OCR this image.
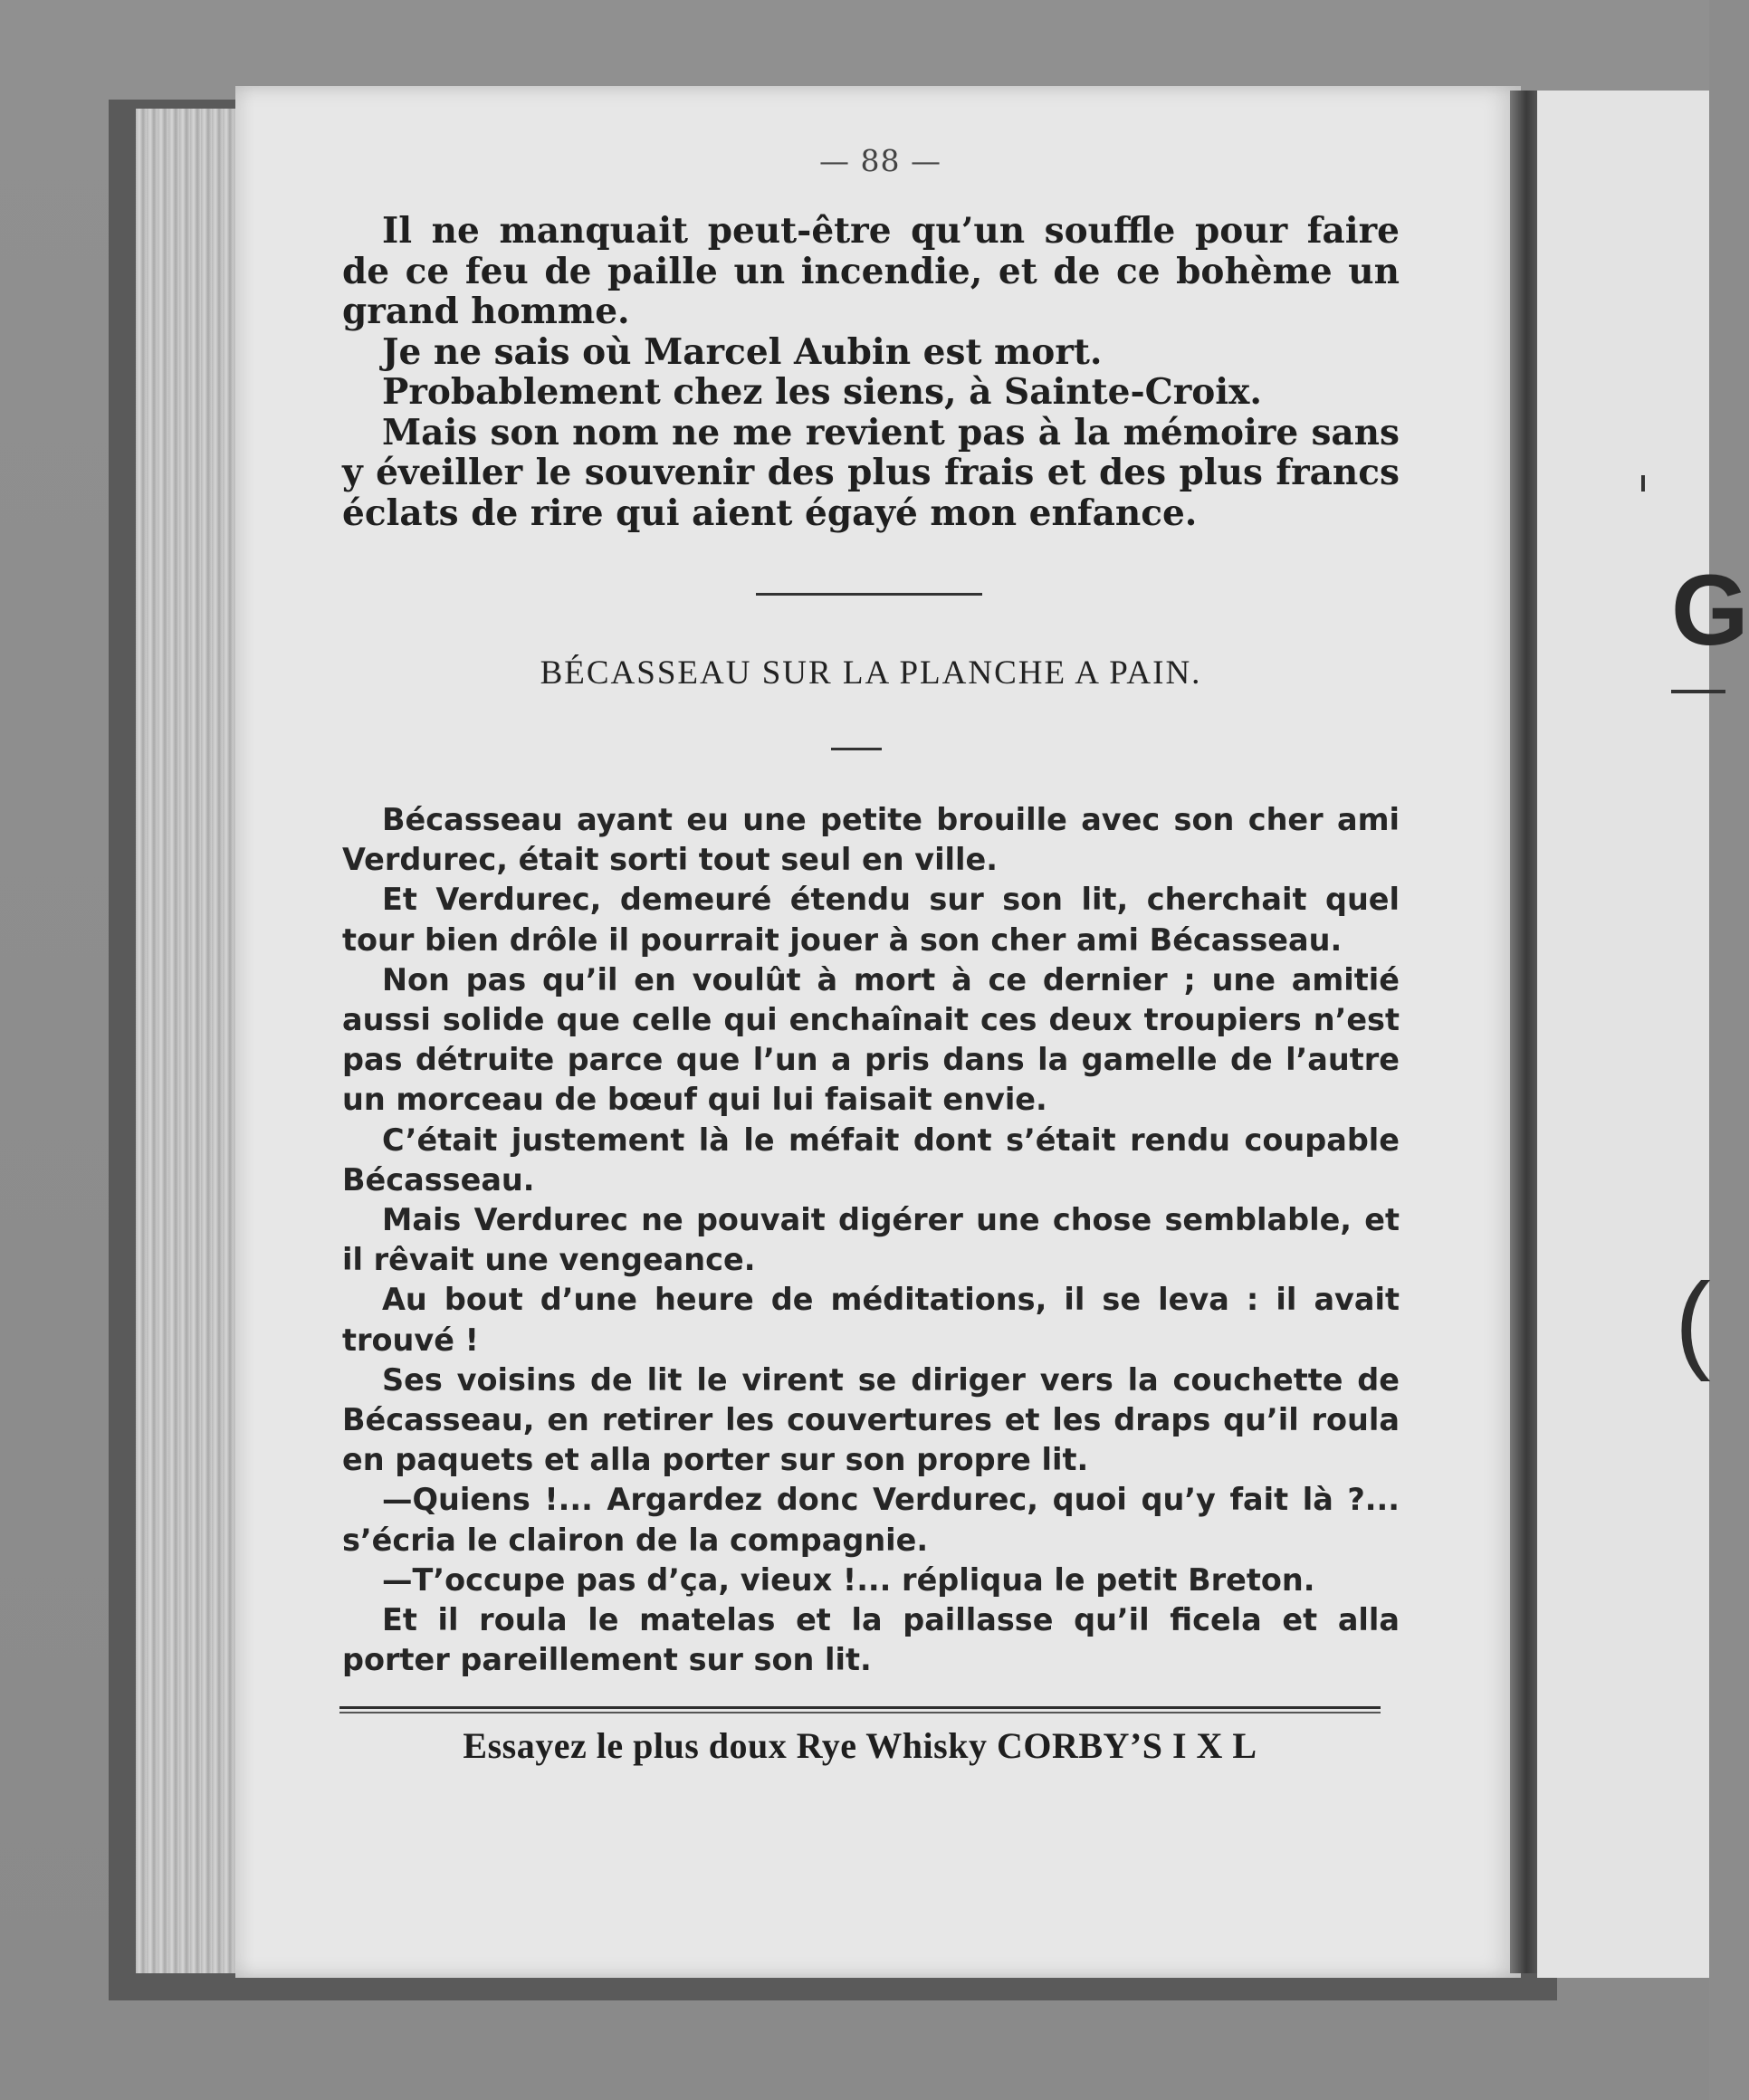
G
(
— 88 —

Il ne manquait peut-être qu’un souffle pour faire de ce feu de paille un incendie, et de ce bohème un grand homme.

Je ne sais où Marcel Aubin est mort.

Probablement chez les siens, à Sainte-Croix.

Mais son nom ne me revient pas à la mémoire sans y éveiller le souvenir des plus frais et des plus francs éclats de rire qui aient égayé mon enfance.

BÉCASSEAU SUR LA PLANCHE A PAIN.

Bécasseau ayant eu une petite brouille avec son cher ami Verdurec, était sorti tout seul en ville.

Et Verdurec, demeuré étendu sur son lit, cherchait quel tour bien drôle il pourrait jouer à son cher ami Bécasseau.

Non pas qu’il en voulût à mort à ce dernier ; une amitié aussi solide que celle qui enchaînait ces deux troupiers n’est pas détruite parce que l’un a pris dans la gamelle de l’autre un morceau de bœuf qui lui faisait envie.

C’était justement là le méfait dont s’était rendu coupable Bécasseau.

Mais Verdurec ne pouvait digérer une chose semblable, et il rêvait une vengeance.

Au bout d’une heure de méditations, il se leva : il avait trouvé !

Ses voisins de lit le virent se diriger vers la couchette de Bécasseau, en retirer les couvertures et les draps qu’il roula en paquets et alla porter sur son propre lit.

—Quiens !... Argardez donc Verdurec, quoi qu’y fait là ?... s’écria le clairon de la compagnie.

—T’occupe pas d’ça, vieux !... répliqua le petit Breton.

Et il roula le matelas et la paillasse qu’il ficela et alla porter pareillement sur son lit.

Essayez le plus doux Rye Whisky CORBY’S I X L
